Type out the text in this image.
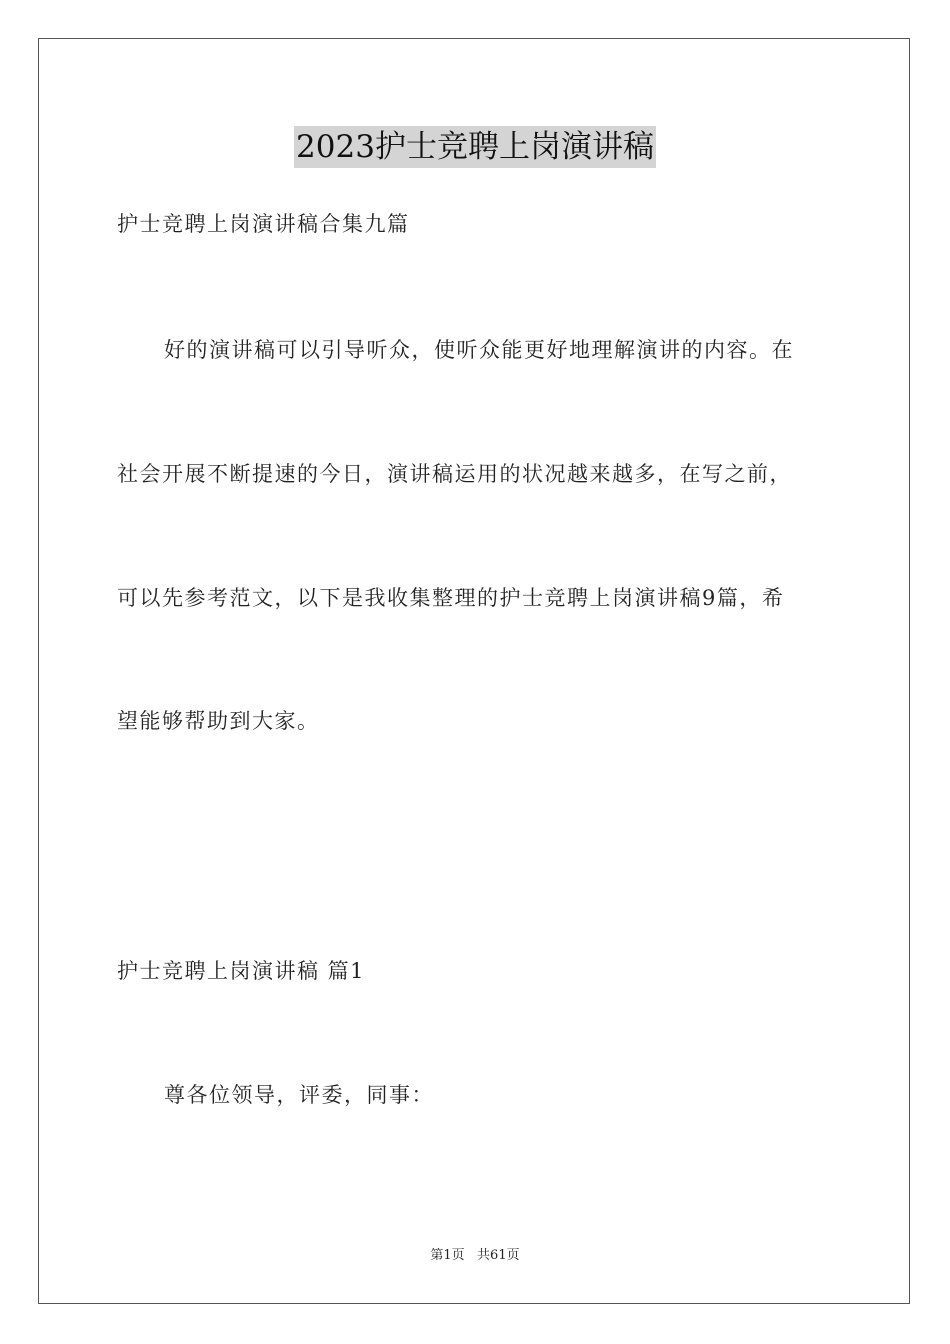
2023护士竞聘上岗演讲稿
护士竞聘上岗演讲稿合集九篇
好的演讲稿可以引导听众，使听众能更好地理解演讲的内容。在
社会开展不断提速的今日，演讲稿运用的状况越来越多，在写之前，
可以先参考范文，以下是我收集整理的护士竞聘上岗演讲稿9篇，希
望能够帮助到大家。
护士竞聘上岗演讲稿 篇1
尊各位领导，评委，同事：
第1页   共61页
